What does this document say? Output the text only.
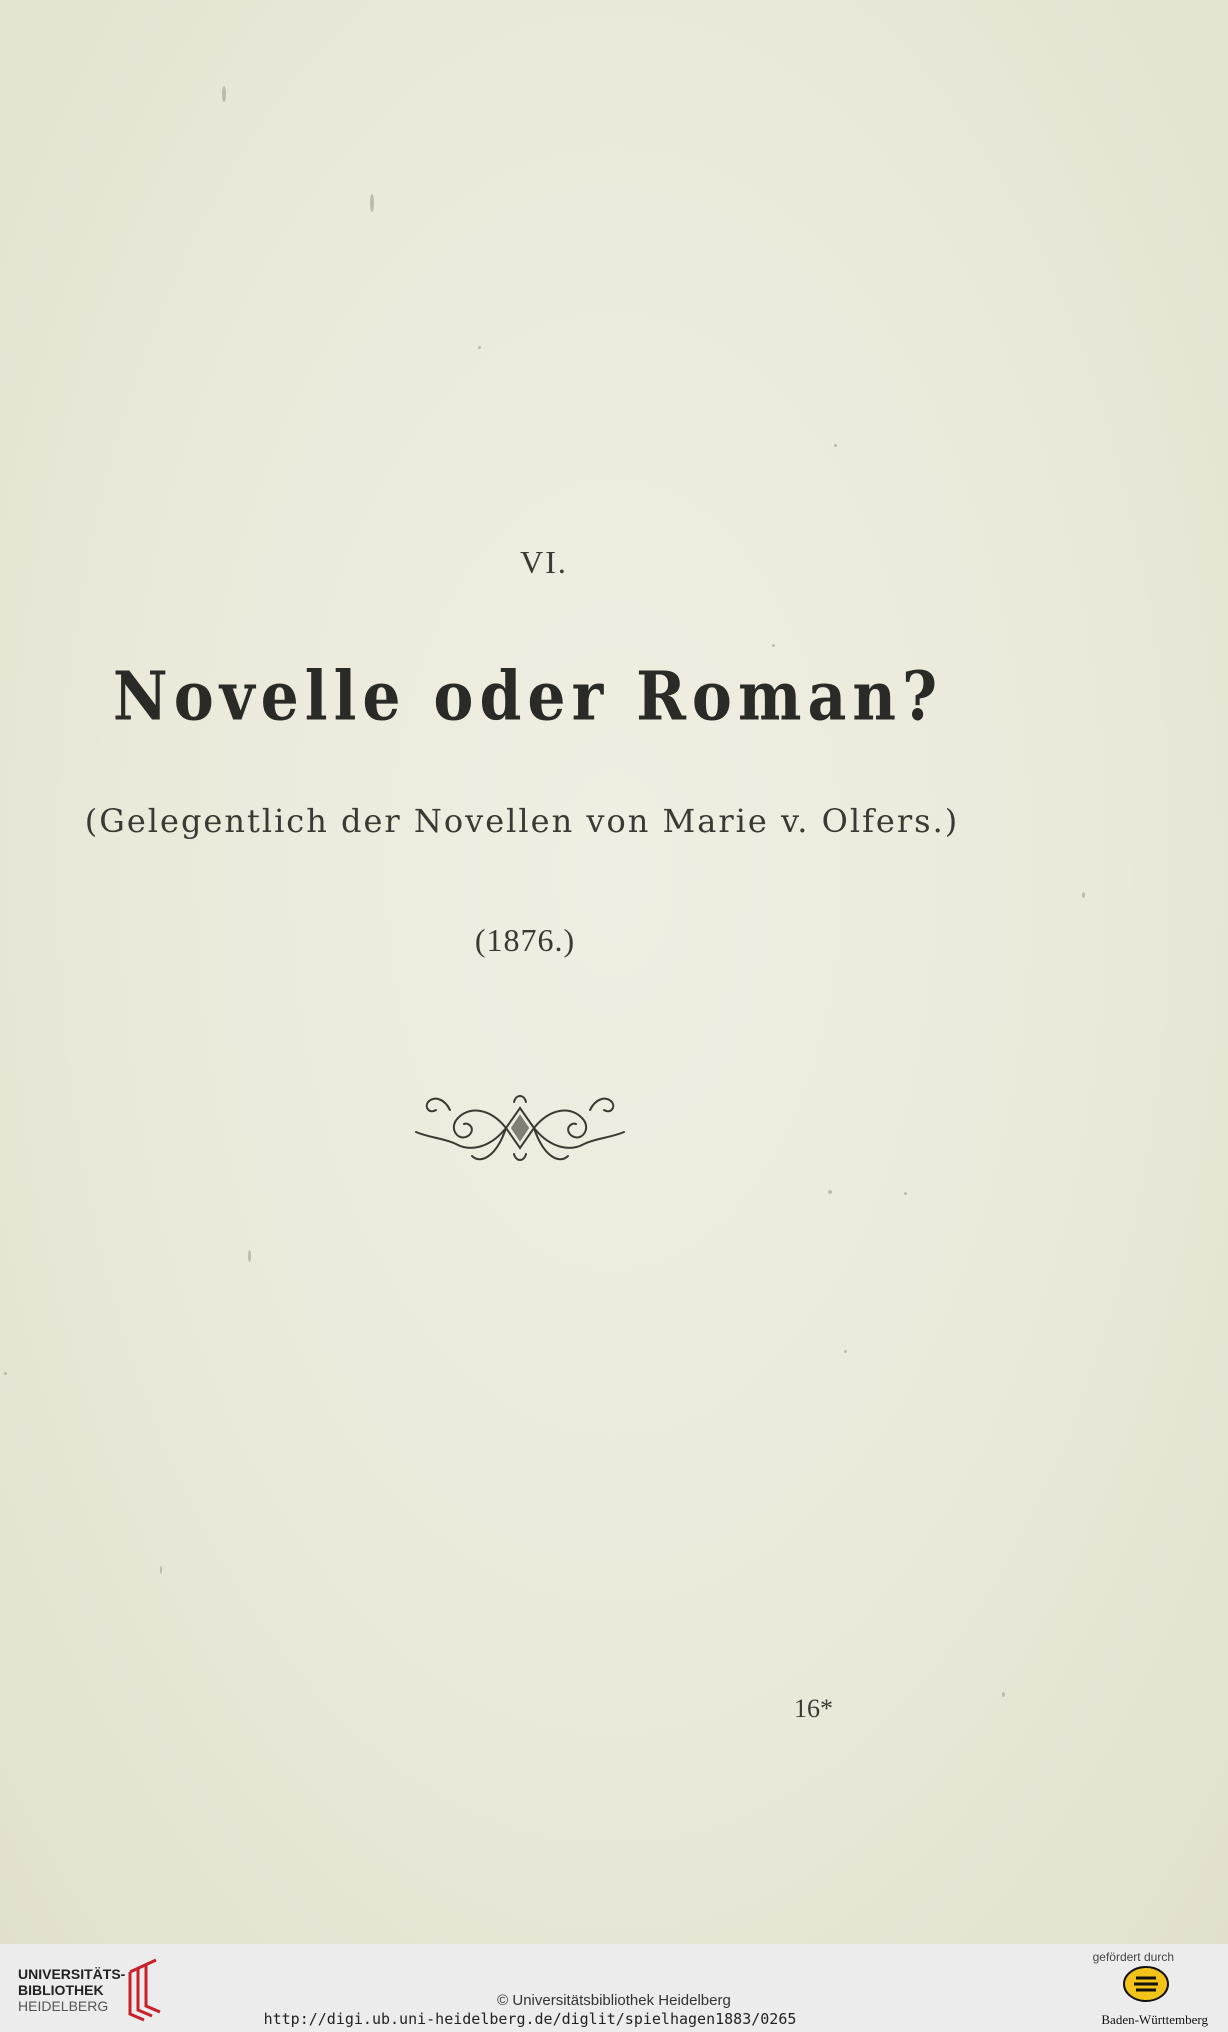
VI.
Novelle oder Roman?
(Gelegentlich der Novellen von Marie v. Olfers.)
(1876.)
16*
UNIVERSITÄTS-
BIBLIOTHEK
HEIDELBERG	© Universitätsbibliothek Heidelberg
http://digi.ub.uni-heidelberg.de/diglit/spielhagen1883/0265
gefördert durch
Baden-Württemberg
